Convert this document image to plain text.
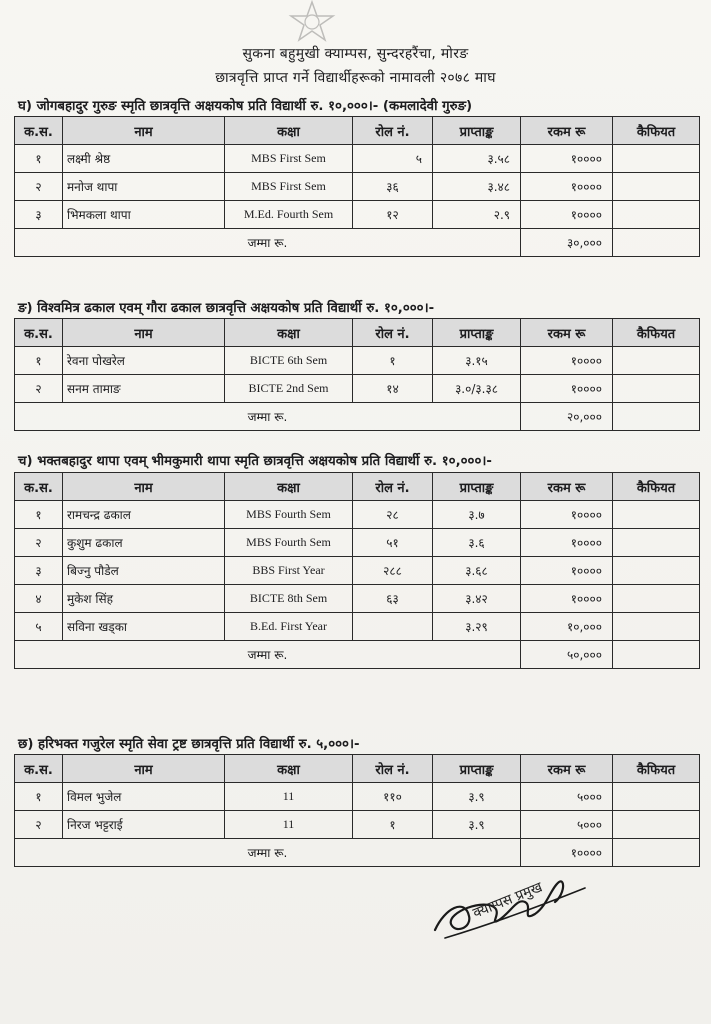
सुकना बहुमुखी क्याम्पस, सुन्दरहरैंचा, मोरङ
छात्रवृत्ति प्राप्त गर्ने विद्यार्थीहरूको नामावली २०७८ माघ
घ) जोगबहादुर गुरुङ स्मृति छात्रवृत्ति अक्षयकोष प्रति विद्यार्थी रु. १०,०००।- (कमलादेवी गुरुङ)
क.स.	नाम	कक्षा	रोल नं.	प्राप्ताङ्क	रकम रू	कैफियत
१	लक्ष्मी श्रेष्ठ	MBS First Sem	५	३.५८	१००००	
२	मनोज थापा	MBS First Sem	३६	३.४८	१००००	
३	भिमकला थापा	M.Ed. Fourth Sem	१२	२.९	१००००	
जम्मा रू.					३०,०००	
ङ) विश्वमित्र ढकाल एवम् गौरा ढकाल छात्रवृत्ति अक्षयकोष प्रति विद्यार्थी रु. १०,०००।-
क.स.	नाम	कक्षा	रोल नं.	प्राप्ताङ्क	रकम रू	कैफियत
१	रेवना पोखरेल	BICTE 6th Sem	१	३.१५	१००००	
२	सनम तामाङ	BICTE 2nd Sem	१४	३.०/३.३८	१००००	
जम्मा रू.					२०,०००	
च) भक्तबहादुर थापा एवम् भीमकुमारी थापा स्मृति छात्रवृत्ति अक्षयकोष प्रति विद्यार्थी रु. १०,०००।-
क.स.	नाम	कक्षा	रोल नं.	प्राप्ताङ्क	रकम रू	कैफियत
१	रामचन्द्र ढकाल	MBS Fourth Sem	२८	३.७	१००००	
२	कुशुम ढकाल	MBS Fourth Sem	५१	३.६	१००००	
३	बिज्नु पौडेल	BBS First Year	२८८	३.६८	१००००	
४	मुकेश सिंह	BICTE 8th Sem	६३	३.४२	१००००	
५	सविना खड्का	B.Ed. First Year		३.२९	१०,०००	
जम्मा रू.					५०,०००	
छ) हरिभक्त गजुरेल स्मृति सेवा ट्रष्ट छात्रवृत्ति प्रति विद्यार्थी रु. ५,०००।-
क.स.	नाम	कक्षा	रोल नं.	प्राप्ताङ्क	रकम रू	कैफियत
१	विमल भुजेल	11	११०	३.९	५०००	
२	निरज भट्टराई	11	१	३.९	५०००	
जम्मा रू.					१००००	
क्याम्पस प्रमुख
